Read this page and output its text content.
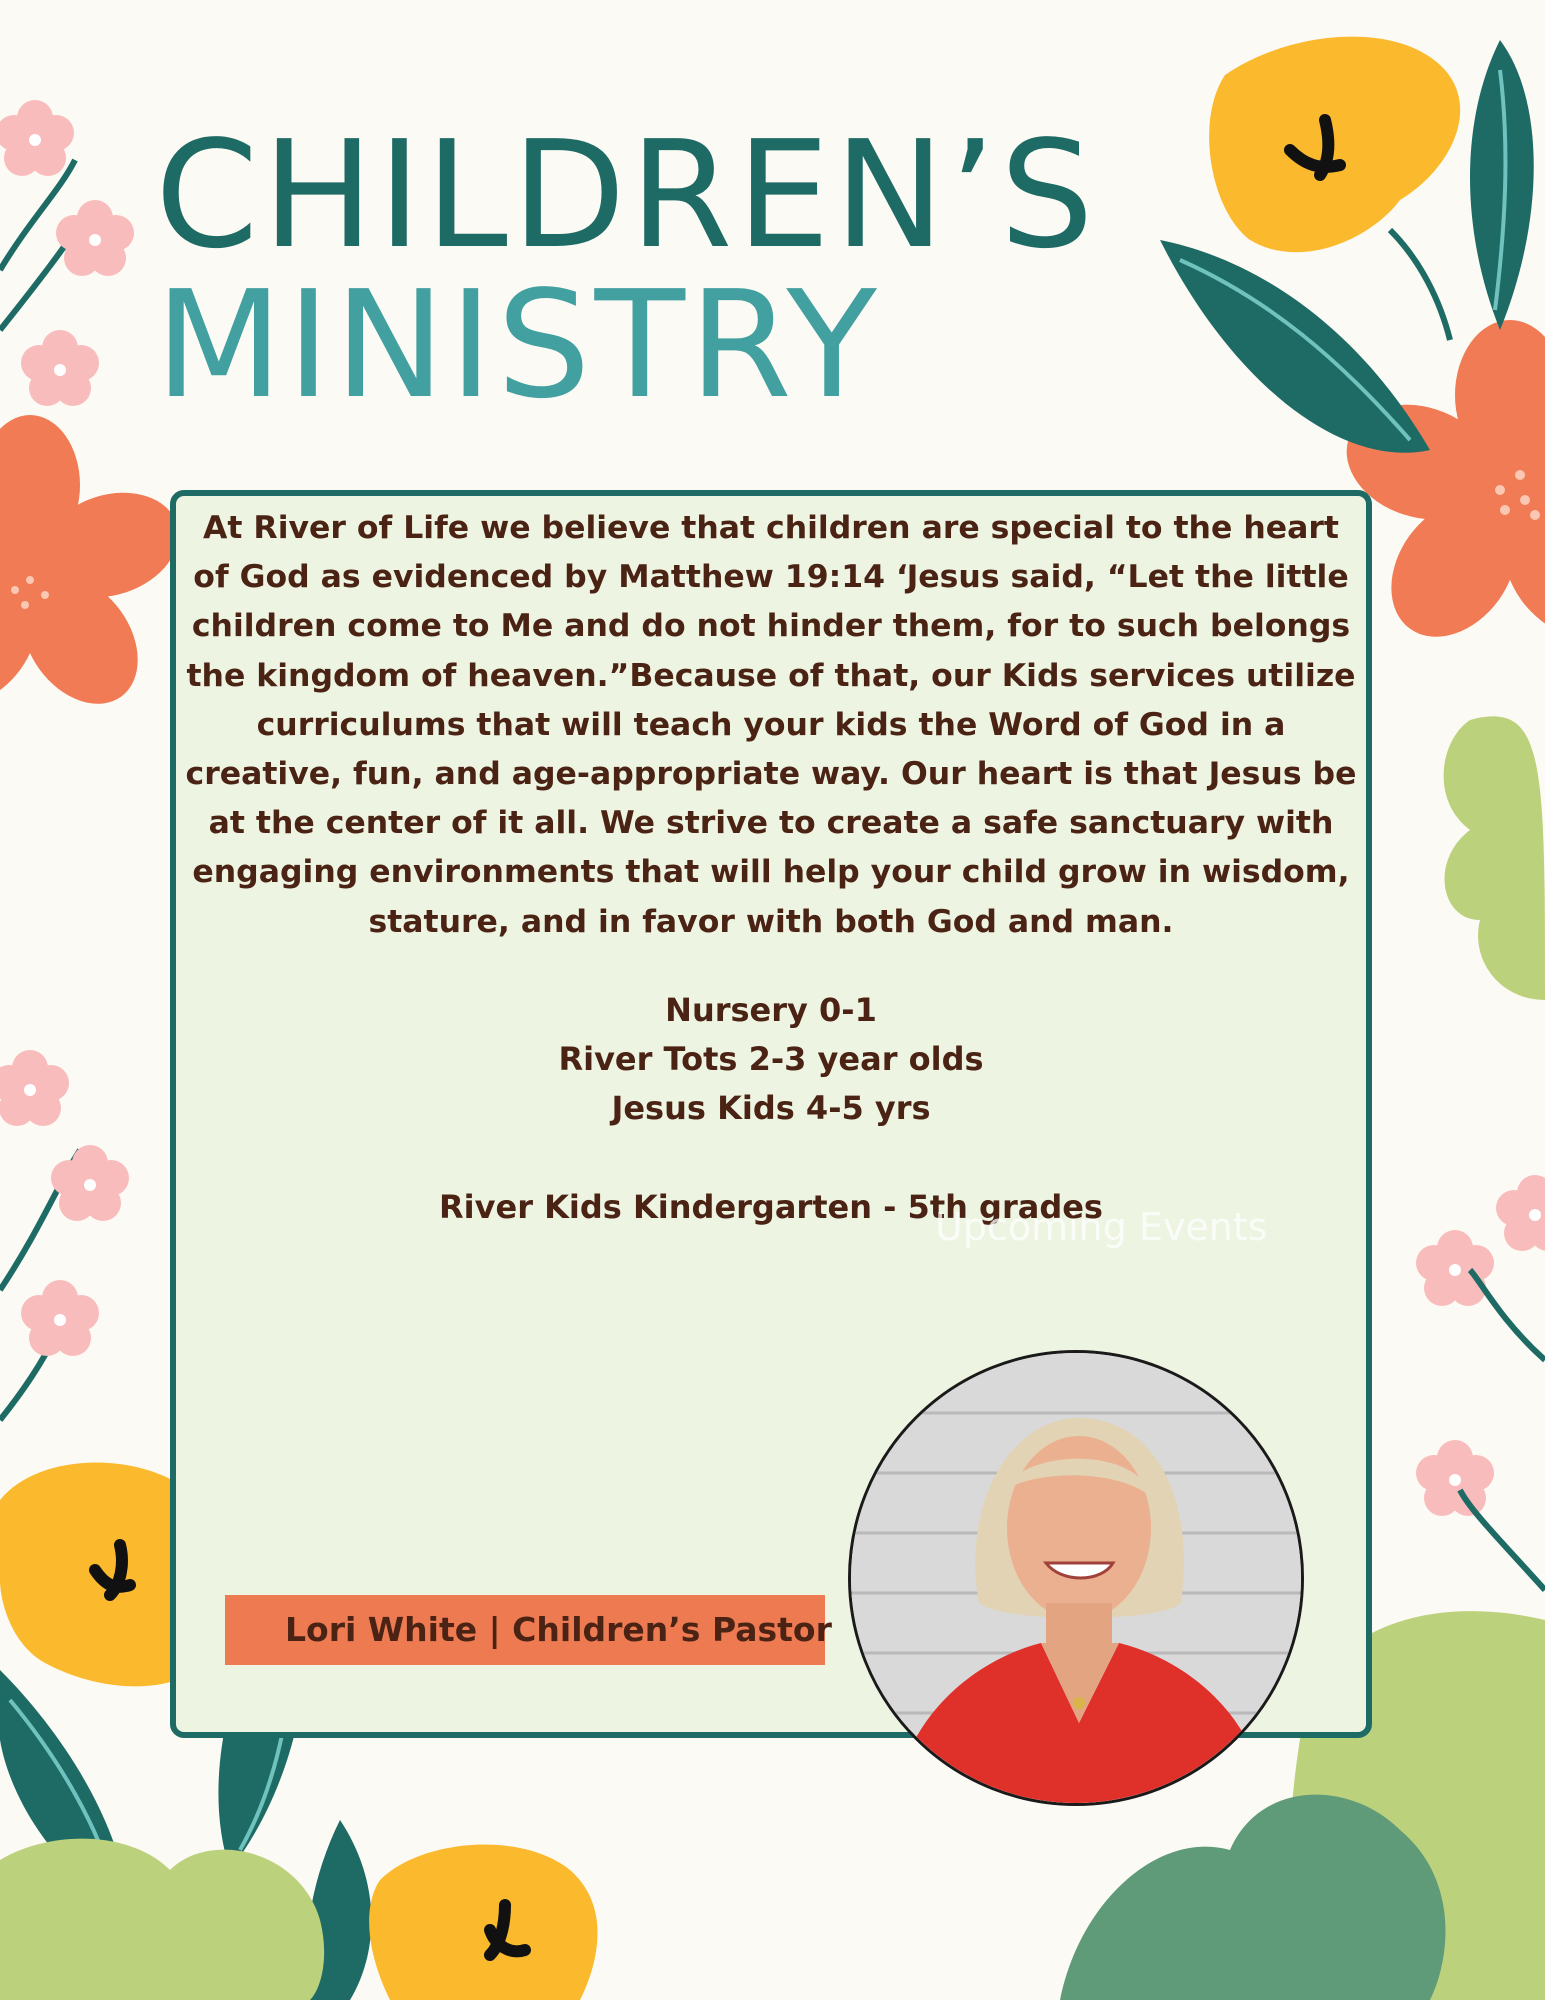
CHILDREN’S
MINISTRY

At River of Life we believe that children are special to the heart of God as evidenced by Matthew 19:14 ‘Jesus said, “Let the little children come to Me and do not hinder them, for to such belongs the kingdom of heaven.”Because of that, our Kids services utilize curriculums that will teach your kids the Word of God in a creative, fun, and age-appropriate way. Our heart is that Jesus be at the center of it all. We strive to create a safe sanctuary with engaging environments that will help your child grow in wisdom, stature, and in favor with both God and man.

Nursery 0-1
River Tots 2-3 year olds
Jesus Kids 4-5 yrs
River Kids Kindergarten - 5th grades
Upcoming Events
Lori White | Children’s Pastor
